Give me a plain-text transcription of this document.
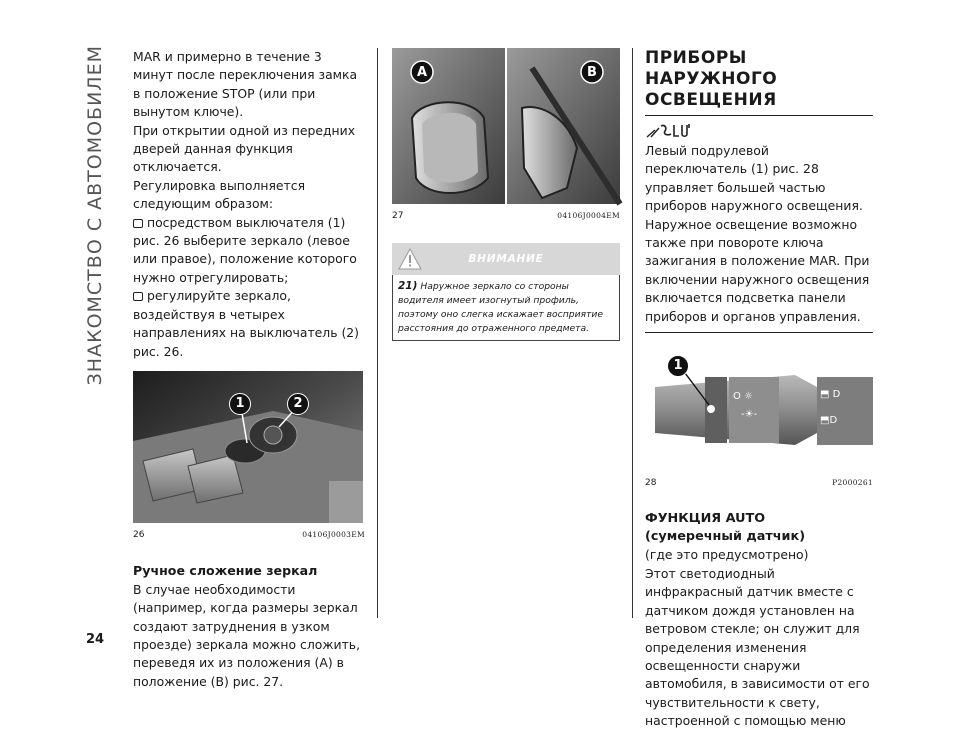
ЗНАКОМСТВО С АВТОМОБИЛЕМ
24

MAR и примерно в течение 3 минут после переключения замка в положение STOP (или при вынутом ключе).

При открытии одной из передних дверей данная функция отключается.

Регулировка выполняется следующим образом:

посредством выключателя (1) рис. 26 выберите зеркало (левое или правое), положение которого нужно отрегулировать;

регулируйте зеркало, воздействуя в четырех направлениях на выключатель (2) рис. 26.

1	2
26	04106J0003EM

Ручное сложение зеркал

В случае необходимости (например, когда размеры зеркал создают затруднения в узком проезде) зеркала можно сложить, переведя их из положения (A) в положение (B) рис. 27.

A	B
27	04106J0004EM
ВНИМАНИЕ
21) Наружное зеркало со стороны водителя имеет изогнутый профиль, поэтому оно слегка искажает восприятие расстояния до отраженного предмета.
ПРИБОРЫ НАРУЖНОГО
ОСВЕЩЕНИЯ

Левый подрулевой переключатель (1) рис. 28 управляет большей частью приборов наружного освещения.

Наружное освещение возможно также при повороте ключа зажигания в положение MAR. При включении наружного освещения включается подсветка панели приборов и органов управления.

O ☼
-☀-
⬒ D
⬒D
1
28	P2000261
ФУНКЦИЯ AUTO
(сумеречный датчик)

(где это предусмотрено)

Этот светодиодный инфракрасный датчик вместе с датчиком дождя установлен на ветровом стекле; он служит для определения изменения освещенности снаружи автомобиля, в зависимости от его чувствительности к свету, настроенной с помощью меню
